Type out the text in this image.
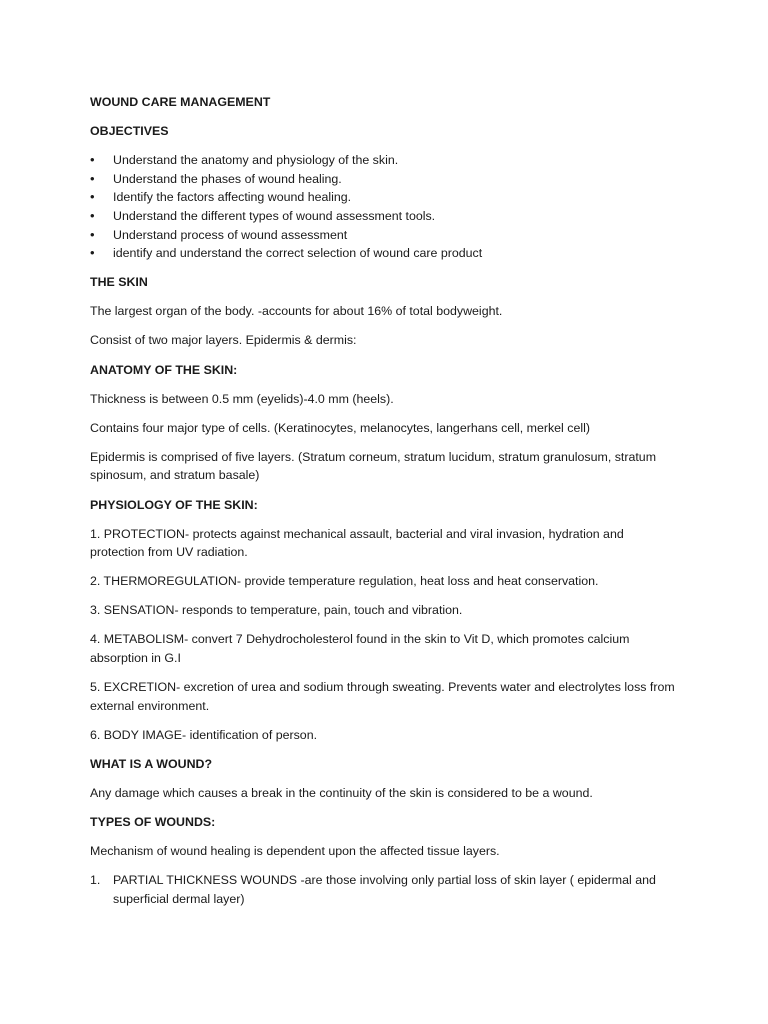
WOUND CARE MANAGEMENT
OBJECTIVES
• Understand the anatomy and physiology of the skin.
• Understand the phases of wound healing.
• Identify the factors affecting wound healing.
• Understand the different types of wound assessment tools.
• Understand process of wound assessment
• identify and understand the correct selection of wound care product
THE SKIN
The largest organ of the body. -accounts for about 16% of total bodyweight.
Consist of two major layers. Epidermis & dermis:
ANATOMY OF THE SKIN:
Thickness is between 0.5 mm (eyelids)-4.0 mm (heels).
Contains four major type of cells. (Keratinocytes, melanocytes, langerhans cell, merkel cell)
Epidermis is comprised of five layers. (Stratum corneum, stratum lucidum, stratum granulosum, stratum spinosum, and stratum basale)
PHYSIOLOGY OF THE SKIN:
1. PROTECTION- protects against mechanical assault, bacterial and viral invasion, hydration and protection from UV radiation.
2. THERMOREGULATION- provide temperature regulation, heat loss and heat conservation.
3. SENSATION- responds to temperature, pain, touch and vibration.
4. METABOLISM- convert 7 Dehydrocholesterol found in the skin to Vit D, which promotes calcium absorption in G.I
5. EXCRETION- excretion of urea and sodium through sweating. Prevents water and electrolytes loss from external environment.
6. BODY IMAGE- identification of person.
WHAT IS A WOUND?
Any damage which causes a break in the continuity of the skin is considered to be a wound.
TYPES OF WOUNDS:
Mechanism of wound healing is dependent upon the affected tissue layers.
1. PARTIAL THICKNESS WOUNDS -are those involving only partial loss of skin layer ( epidermal and superficial dermal layer)
